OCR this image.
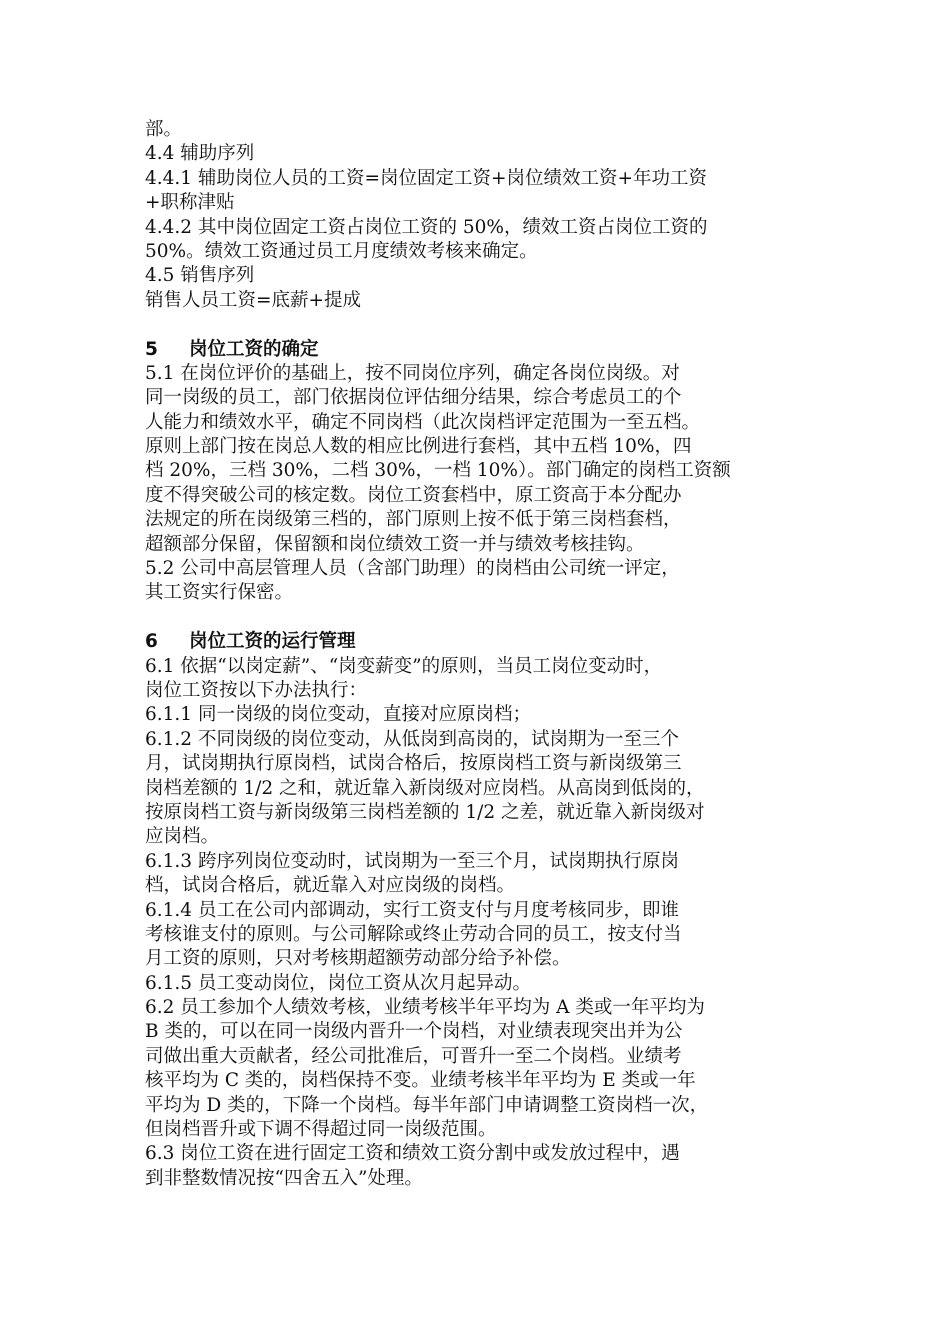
部。
4.4 辅助序列
4.4.1 辅助岗位人员的工资=岗位固定工资+岗位绩效工资+年功工资
+职称津贴
4.4.2 其中岗位固定工资占岗位工资的 50%，绩效工资占岗位工资的
50%。绩效工资通过员工月度绩效考核来确定。
4.5 销售序列
销售人员工资=底薪+提成
5 岗位工资的确定
5.1 在岗位评价的基础上，按不同岗位序列，确定各岗位岗级。对
同一岗级的员工，部门依据岗位评估细分结果，综合考虑员工的个
人能力和绩效水平，确定不同岗档（此次岗档评定范围为一至五档。
原则上部门按在岗总人数的相应比例进行套档，其中五档 10%，四
档 20%，三档 30%，二档 30%，一档 10%）。部门确定的岗档工资额
度不得突破公司的核定数。岗位工资套档中，原工资高于本分配办
法规定的所在岗级第三档的，部门原则上按不低于第三岗档套档，
超额部分保留，保留额和岗位绩效工资一并与绩效考核挂钩。
5.2 公司中高层管理人员（含部门助理）的岗档由公司统一评定，
其工资实行保密。
6 岗位工资的运行管理
6.1 依据“以岗定薪”、“岗变薪变”的原则，当员工岗位变动时，
岗位工资按以下办法执行：
6.1.1 同一岗级的岗位变动，直接对应原岗档；
6.1.2 不同岗级的岗位变动，从低岗到高岗的，试岗期为一至三个
月，试岗期执行原岗档，试岗合格后，按原岗档工资与新岗级第三
岗档差额的 1/2 之和，就近靠入新岗级对应岗档。从高岗到低岗的，
按原岗档工资与新岗级第三岗档差额的 1/2 之差，就近靠入新岗级对
应岗档。
6.1.3 跨序列岗位变动时，试岗期为一至三个月，试岗期执行原岗
档，试岗合格后，就近靠入对应岗级的岗档。
6.1.4 员工在公司内部调动，实行工资支付与月度考核同步，即谁
考核谁支付的原则。与公司解除或终止劳动合同的员工，按支付当
月工资的原则，只对考核期超额劳动部分给予补偿。
6.1.5 员工变动岗位，岗位工资从次月起异动。
6.2 员工参加个人绩效考核，业绩考核半年平均为 A 类或一年平均为
B 类的，可以在同一岗级内晋升一个岗档，对业绩表现突出并为公
司做出重大贡献者，经公司批准后，可晋升一至二个岗档。业绩考
核平均为 C 类的，岗档保持不变。业绩考核半年平均为 E 类或一年
平均为 D 类的，下降一个岗档。每半年部门申请调整工资岗档一次，
但岗档晋升或下调不得超过同一岗级范围。
6.3 岗位工资在进行固定工资和绩效工资分割中或发放过程中，遇
到非整数情况按“四舍五入”处理。
